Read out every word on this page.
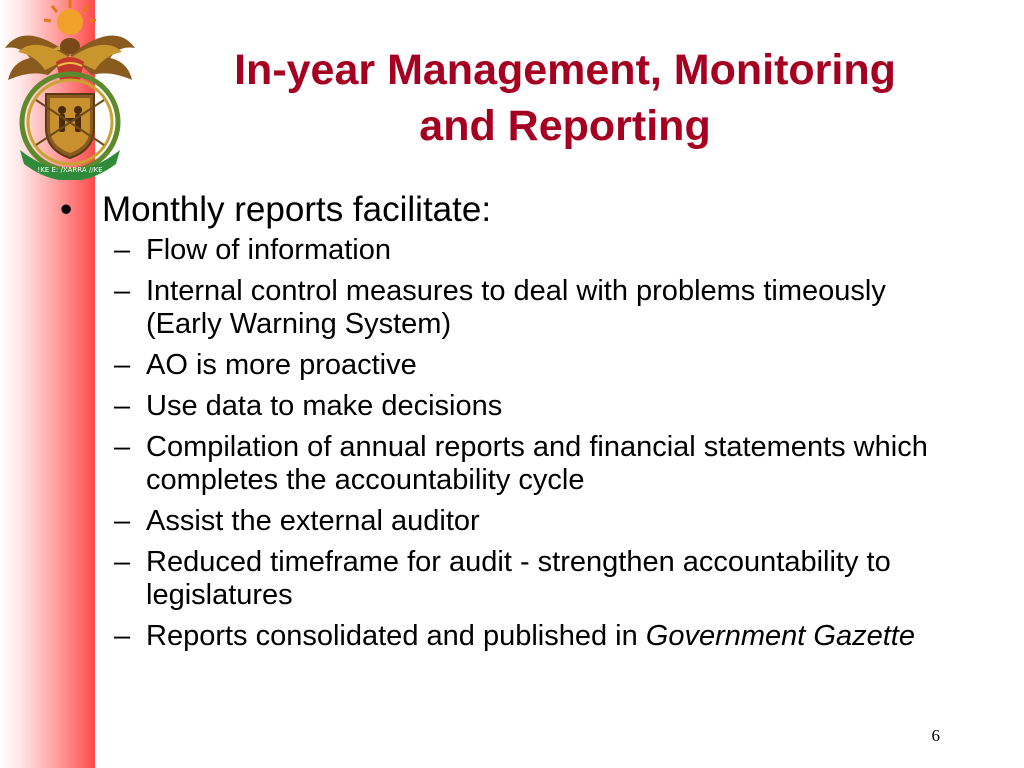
!KE E: /XARRA //KE
In-year Management, Monitoring
and Reporting
• Monthly reports facilitate:
– Flow of information
– Internal control measures to deal with problems timeously (Early Warning System)
– AO is more proactive
– Use data to make decisions
– Compilation of annual reports and financial statements which completes the accountability cycle
– Assist the external auditor
– Reduced timeframe for audit - strengthen accountability to legislatures
– Reports consolidated and published in Government Gazette
6
